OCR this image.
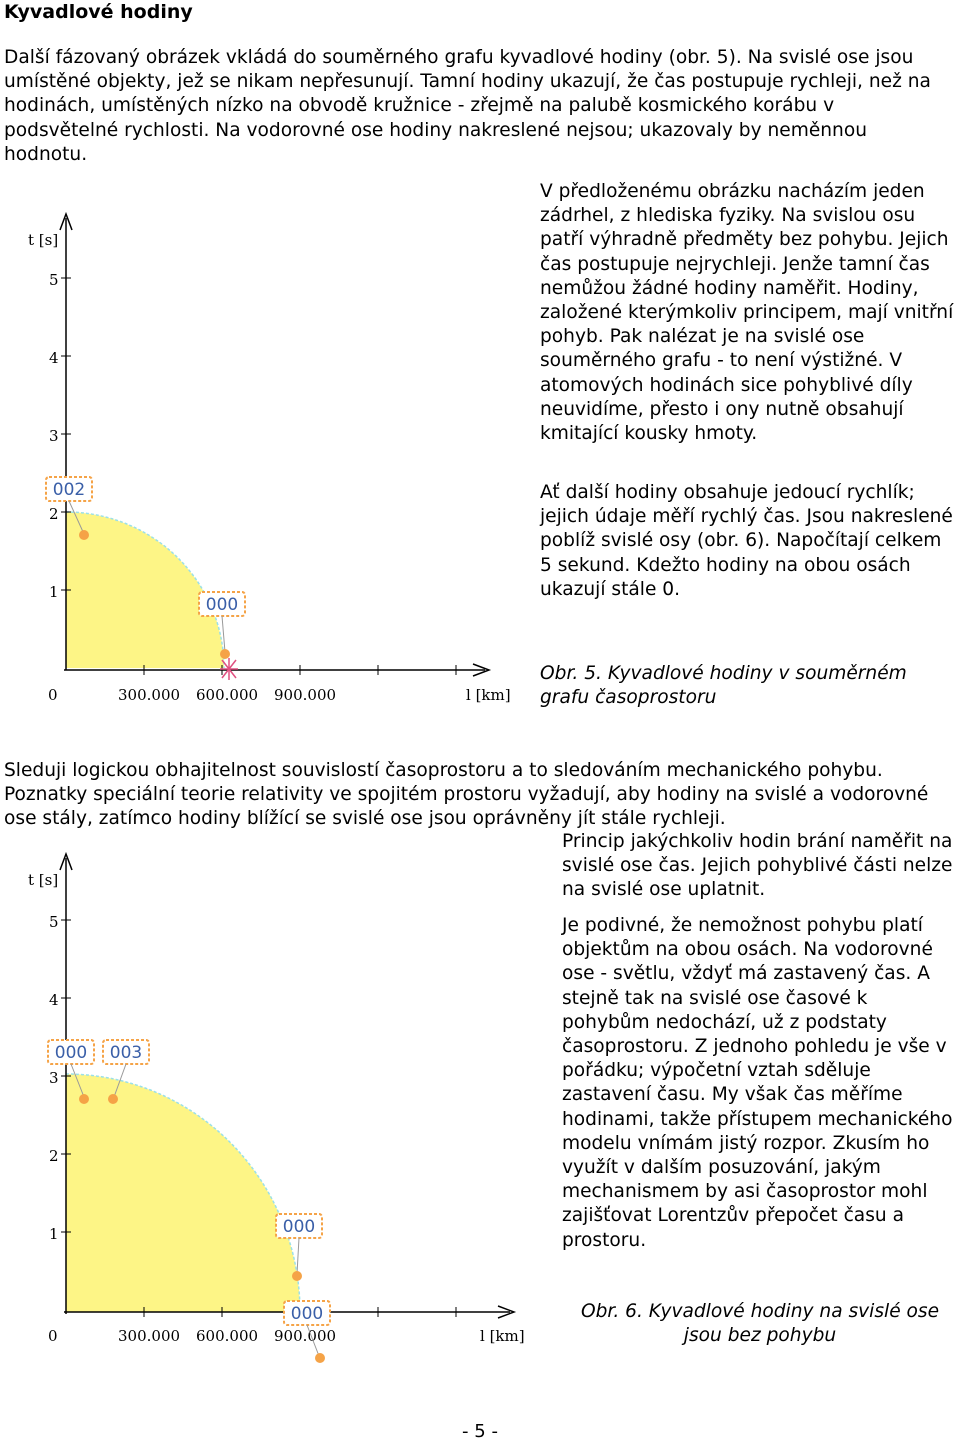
Kyvadlové hodiny

Další fázovaný obrázek vkládá do souměrného grafu kyvadlové hodiny (obr. 5). Na svislé ose jsou umístěné objekty, jež se nikam nepřesunují. Tamní hodiny ukazují, že čas postupuje rychleji, než na hodinách, umístěných nízko na obvodě kružnice - zřejmě na palubě kosmického korábu v podsvětelné rychlosti. Na vodorovné ose hodiny nakreslené nejsou; ukazovaly by neměnnou hodnotu.

V předloženému obrázku nacházím jeden zádrhel, z hlediska fyziky. Na svislou osu patří výhradně předměty bez pohybu. Jejich čas postupuje nejrychleji. Jenže tamní čas nemůžou žádné hodiny naměřit. Hodiny, založené kterýmkoliv principem, mají vnitřní pohyb. Pak nalézat je na svislé ose souměrného grafu - to není výstižné. V atomových hodinách sice pohyblivé díly neuvidíme, přesto i ony nutně obsahují kmitající kousky hmoty.

Ať další hodiny obsahuje jedoucí rychlík; jejich údaje měří rychlý čas. Jsou nakreslené poblíž svislé osy (obr. 6). Napočítají celkem 5 sekund. Kdežto hodiny na obou osách ukazují stále 0.

Obr. 5. Kyvadlové hodiny v souměrném grafu časoprostoru

t [s]
5
4
3
2
1
0	300.000 600.000 900.000	l [km]
002
000

Sleduji logickou obhajitelnost souvislostí časoprostoru a to sledováním mechanického pohybu. Poznatky speciální teorie relativity ve spojitém prostoru vyžadují, aby hodiny na svislé a vodorovné ose stály, zatímco hodiny blížící se svislé ose jsou oprávněny jít stále rychleji.

Princip jakýchkoliv hodin brání naměřit na svislé ose čas. Jejich pohyblivé části nelze na svislé ose uplatnit.

Je podivné, že nemožnost pohybu platí objektům na obou osách. Na vodorovné ose - světlu, vždyť má zastavený čas. A stejně tak na svislé ose časové k pohybům nedochází, už z podstaty časoprostoru. Z jednoho pohledu je vše v pořádku; výpočetní vztah sděluje zastavení času. My však čas měříme hodinami, takže přístupem mechanického modelu vnímám jistý rozpor. Zkusím ho využít v dalším posuzování, jakým mechanismem by asi časoprostor mohl zajišťovat Lorentzův přepočet času a prostoru.

Obr. 6. Kyvadlové hodiny na svislé ose jsou bez pohybu

t [s]
5
4
3
2
1
0	300.000 600.000 900.000	l [km]
000 003
000
000
- 5 -
